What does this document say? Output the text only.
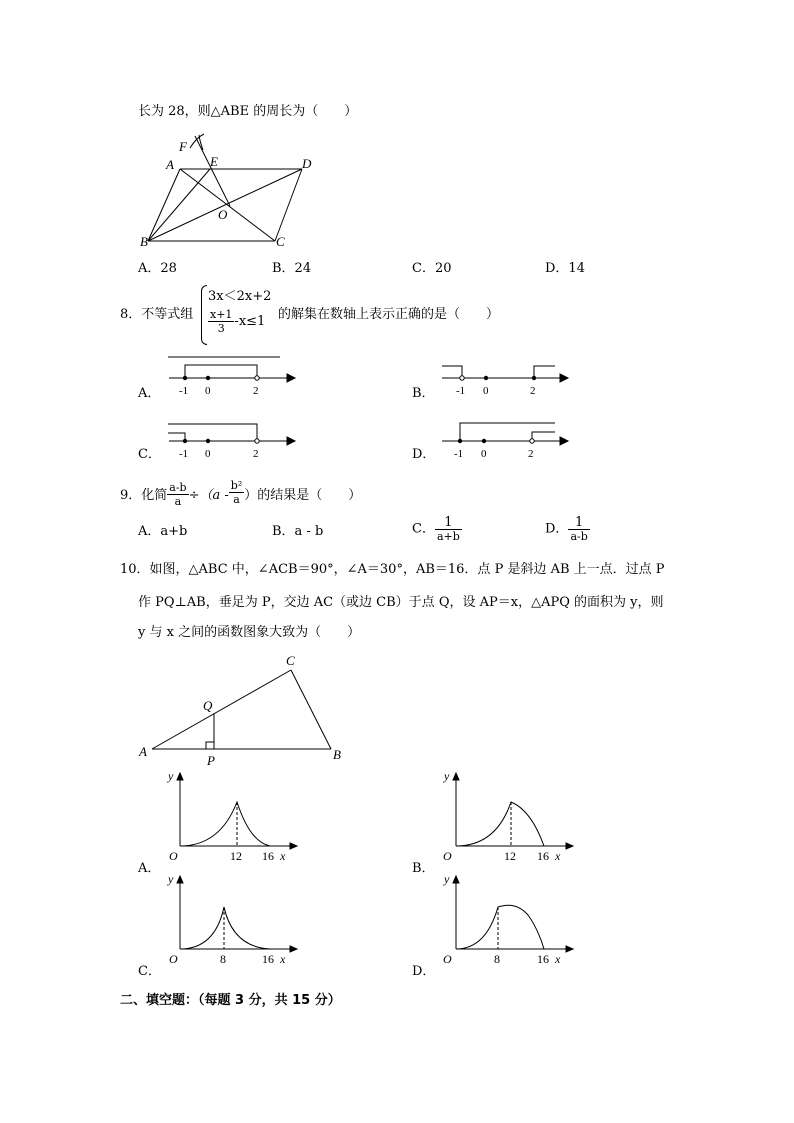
长为 28，则△ABE 的周长为（　　）
F
A	E	D
O
B	C
A．28	B．24	C．20	D．14
8．不等式组
3x＜2x+2
$\frac{x+1}{3} -x\le 1$ 的解集在数轴上表示正确的是（　　）
A．	B．
C．	D．
-1 0	2	-1 0	2
-1 0	2	-1 0	2
9．化简 $\frac{a-b}{a} \div(a - \frac{\text{b²}}{a}$ ）的结果是（　　）
A．a+b	B．a - b	C． $\frac{1}{a+b}$	D． $\frac{1}{a-b}$
10．如图，△ABC 中，∠ACB＝90°，∠A＝30°，AB＝16．点 P 是斜边 AB 上一点．过点 P
作 PQ⊥AB，垂足为 P，交边 AC（或边 CB）于点 Q，设 AP＝x，△APQ 的面积为 y，则
y 与 x 之间的函数图象大致为（　　）
A	B
C
P
Q
A．	B．
C．	D．
y
O	12 16 x
y
O	12 16 x
y
O	8	16 x
y
O	8	16 x
二、填空题：（每题 3 分，共 15 分）
